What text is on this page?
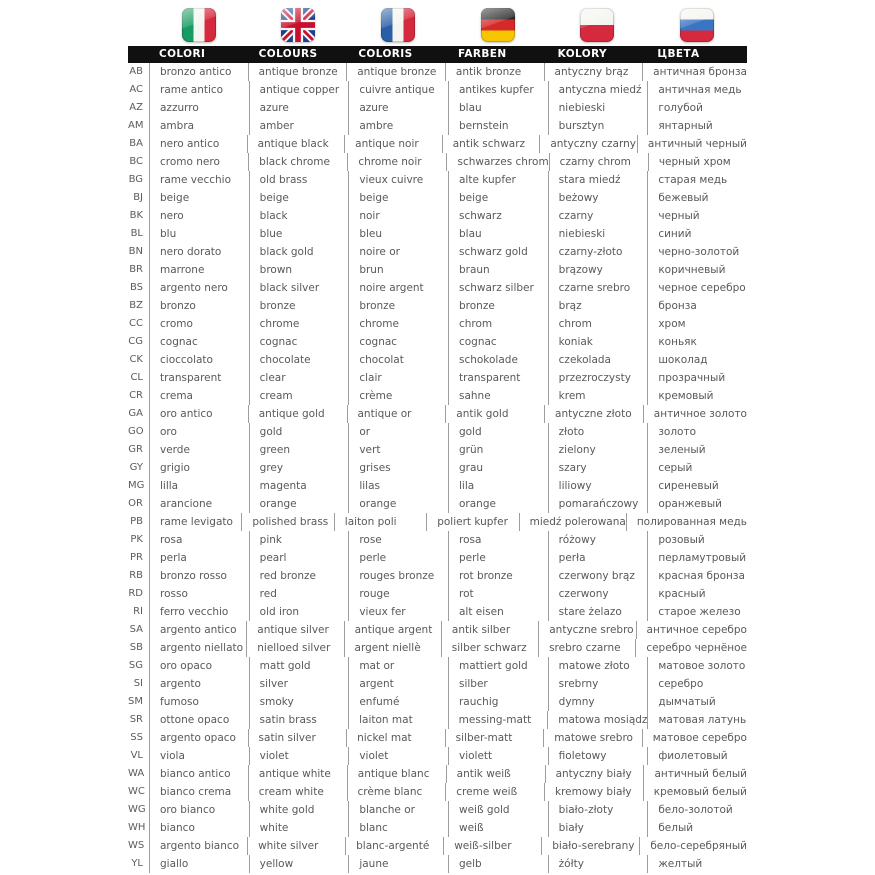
COLORI	COLOURS	COLORIS	FARBEN	KOLORY	ЦВЕТА
AB	bronzo antico	antique bronze	antique bronze	antik bronze	antyczny brąz	античная бронза
AC	rame antico	antique copper	cuivre antique	antikes kupfer	antyczna miedź	античная медь
AZ	azzurro	azure	azure	blau	niebieski	голубой
AM	ambra	amber	ambre	bernstein	bursztyn	янтарный
BA	nero antico	antique black	antique noir	antik schwarz	antyczny czarny	античный черный
BC	cromo nero	black chrome	chrome noir	schwarzes chrom	czarny chrom	черный хром
BG	rame vecchio	old brass	vieux cuivre	alte kupfer	stara miedź	старая медь
BJ	beige	beige	beige	beige	beżowy	бежевый
BK	nero	black	noir	schwarz	czarny	черный
BL	blu	blue	bleu	blau	niebieski	синий
BN	nero dorato	black gold	noire or	schwarz gold	czarny-złoto	черно-золотой
BR	marrone	brown	brun	braun	brązowy	коричневый
BS	argento nero	black silver	noire argent	schwarz silber	czarne srebro	черное серебро
BZ	bronzo	bronze	bronze	bronze	brąz	бронза
CC	cromo	chrome	chrome	chrom	chrom	хром
CG	cognac	cognac	cognac	cognac	koniak	коньяк
CK	cioccolato	chocolate	chocolat	schokolade	czekolada	шоколад
CL	transparent	clear	clair	transparent	przezroczysty	прозрачный
CR	crema	cream	crème	sahne	krem	кремовый
GA	oro antico	antique gold	antique or	antik gold	antyczne złoto	античное золото
GO	oro	gold	or	gold	złoto	золото
GR	verde	green	vert	grün	zielony	зеленый
GY	grigio	grey	grises	grau	szary	серый
MG	lilla	magenta	lilas	lila	liliowy	сиреневый
OR	arancione	orange	orange	orange	pomarańczowy	оранжевый
PB	rame levigato	polished brass	laiton poli	poliert kupfer	miedź polerowana	полированная медь
PK	rosa	pink	rose	rosa	różowy	розовый
PR	perla	pearl	perle	perle	perła	перламутровый
RB	bronzo rosso	red bronze	rouges bronze	rot bronze	czerwony brąz	красная бронза
RD	rosso	red	rouge	rot	czerwony	красный
RI	ferro vecchio	old iron	vieux fer	alt eisen	stare żelazo	старое железо
SA	argento antico	antique silver	antique argent	antik silber	antyczne srebro	античное серебро
SB	argento niellato	nielloed silver	argent niellè	silber schwarz	srebro czarne	серебро чернёное
SG	oro opaco	matt gold	mat or	mattiert gold	matowe złoto	матовое золото
SI	argento	silver	argent	silber	srebrny	серебро
SM	fumoso	smoky	enfumé	rauchig	dymny	дымчатый
SR	ottone opaco	satin brass	laiton mat	messing-matt	matowa mosiądz	матовая латунь
SS	argento opaco	satin silver	nickel mat	silber-matt	matowe srebro	матовое серебро
VL	viola	violet	violet	violett	fioletowy	фиолетовый
WA	bianco antico	antique white	antique blanc	antik weiß	antyczny biały	античный белый
WC	bianco crema	cream white	crème blanc	creme weiß	kremowy biały	кремовый белый
WG	oro bianco	white gold	blanche or	weiß gold	biało-złoty	бело-золотой
WH	bianco	white	blanc	weiß	biały	белый
WS	argento bianco	white silver	blanc-argenté	weiß-silber	biało-serebrany	бело-серебряный
YL	giallo	yellow	jaune	gelb	żółty	желтый
